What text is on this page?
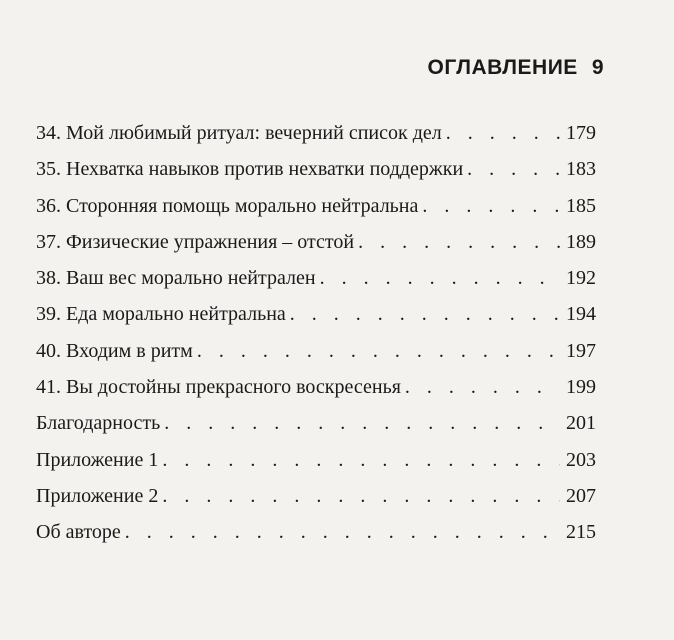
ОГЛАВЛЕНИЕ 9
34. Мой любимый ритуал: вечерний список дел . . .	179
35. Нехватка навыков против нехватки поддержки . . .	183
36. Сторонняя помощь морально нейтральна . . .	185
37. Физические упражнения – отстой . . .	189
38. Ваш вес морально нейтрален . . .	192
39. Еда морально нейтральна . . .	194
40. Входим в ритм . . .	197
41. Вы достойны прекрасного воскресенья . . .	199
Благодарность . . .	201
Приложение 1 . . .	203
Приложение 2 . . .	207
Об авторе . . .	215
